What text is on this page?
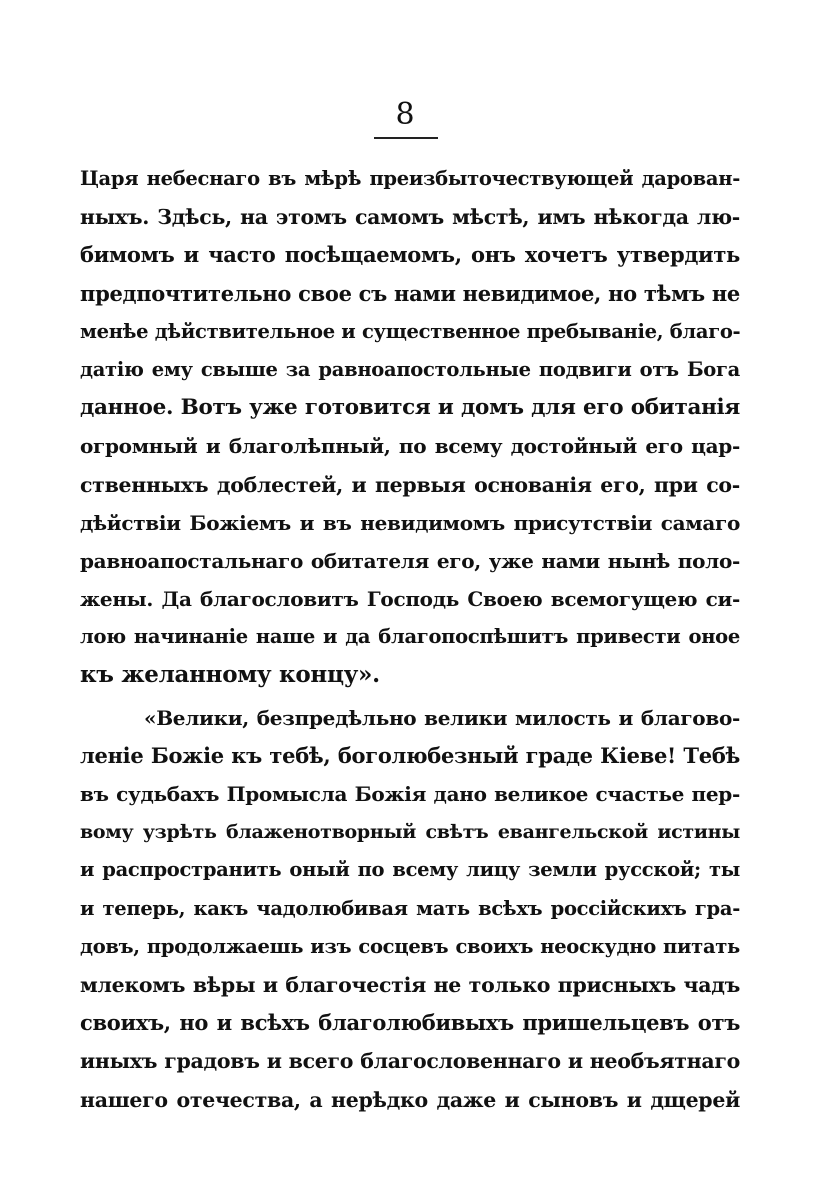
8
Царя небеснаго въ мѣрѣ преизбыточествующей дарован-
ныхъ. Здѣсь, на этомъ самомъ мѣстѣ, имъ нѣкогда лю-
бимомъ и часто посѣщаемомъ, онъ хочетъ утвердить
предпочтительно свое съ нами невидимое, но тѣмъ не
менѣе дѣйствительное и существенное пребываніе, благо-
датію ему свыше за равноапостольные подвиги отъ Бога
данное. Вотъ уже готовится и домъ для его обитанія
огромный и благолѣпный, по всему достойный его цар-
ственныхъ доблестей, и первыя основанія его, при со-
дѣйствіи Божіемъ и въ невидимомъ присутствіи самаго
равноапостальнаго обитателя его, уже нами нынѣ поло-
жены. Да благословитъ Господь Своею всемогущею си-
лою начинаніе наше и да благопоспѣшитъ привести оное
къ желанному концу».
«Велики, безпредѣльно велики милость и благово-
леніе Божіе къ тебѣ, боголюбезный граде Кіеве! Тебѣ
въ судьбахъ Промысла Божія дано великое счастье пер-
вому узрѣть блаженотворный свѣтъ евангельской истины
и распространить оный по всему лицу земли русской; ты
и теперь, какъ чадолюбивая мать всѣхъ россійскихъ гра-
довъ, продолжаешь изъ сосцевъ своихъ неоскудно питать
млекомъ вѣры и благочестія не только присныхъ чадъ
своихъ, но и всѣхъ благолюбивыхъ пришельцевъ отъ
иныхъ градовъ и всего благословеннаго и необъятнаго
нашего отечества, а нерѣдко даже и сыновъ и дщерей
